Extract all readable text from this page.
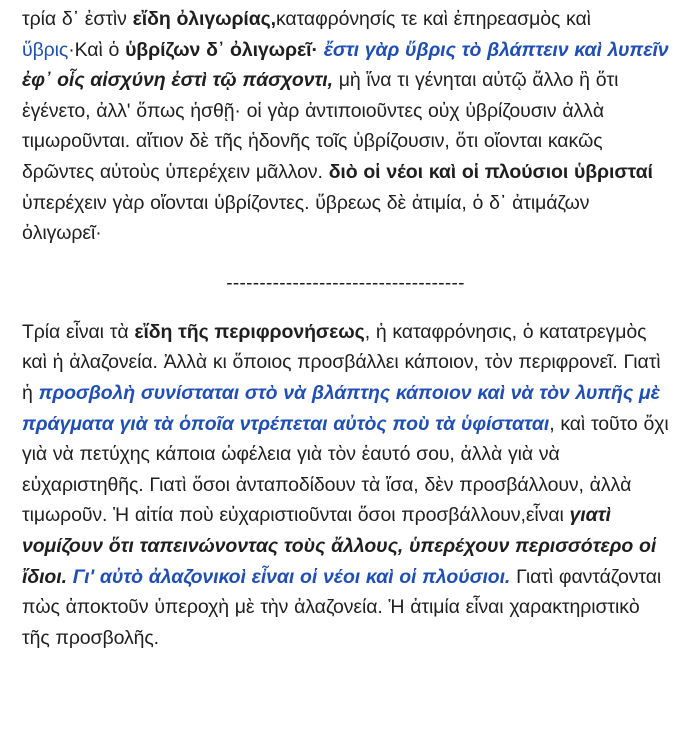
τρία δ᾽ ἐστὶν εἴδη ὀλιγωρίας,καταφρόνησίς τε καὶ ἐπηρεασμὸς καὶ ὕβρις·Καὶ ὁ ὑβρίζων δ᾽ ὀλιγωρεῖ· ἔστι γὰρ ὕβρις τὸ βλάπτειν καὶ λυπεῖν ἐφ᾽ οἷς αἰσχύνη ἐστὶ τῷ πάσχοντι, μὴ ἵνα τι γένηται αὐτῷ ἄλλο ἢ ὅτι ἐγένετο, ἀλλ' ὅπως ἡσθῇ· οἱ γὰρ ἀντιποιοῦντες οὐχ ὑβρίζουσιν ἀλλὰ τιμωροῦνται. αἴτιον δὲ τῆς ἡδονῆς τοῖς ὑβρίζουσιν, ὅτι οἴονται κακῶς δρῶντες αὐτοὺς ὑπερέχειν μᾶλλον. διὸ οἱ νέοι καὶ οἱ πλούσιοι ὑβρισταί ὑπερέχειν γὰρ οἴονται ὑβρίζοντες. ὕβρεως δὲ ἀτιμία, ὁ δ᾽ ἀτιμάζων ὀλιγωρεῖ·

------------------------------------

Τρία εἶναι τὰ εἴδη τῆς περιφρονήσεως, ἡ καταφρόνησις, ὁ κατατρεγμὸς καὶ ἡ ἀλαζονεία. Ἀλλὰ κι ὅποιος προσβάλλει κάποιον, τὸν περιφρονεῖ. Γιατὶ ἡ προσβολὴ συνίσταται στὸ νὰ βλάπτης κάποιον καὶ νὰ τὸν λυπῆς μὲ πράγματα γιὰ τὰ ὁποῖα ντρέπεται αὐτὸς ποὺ τὰ ὑφίσταται, καὶ τοῦτο ὄχι γιὰ νὰ πετύχης κάποια ὠφέλεια γιὰ τὸν ἑαυτό σου, ἀλλὰ γιὰ νὰ εὐχαριστηθῆς. Γιατὶ ὅσοι ἀνταποδίδουν τὰ ἴσα, δὲν προσβάλλουν, ἀλλὰ τιμωροῦν. Ἡ αἰτία ποὺ εὐχαριστιοῦνται ὅσοι προσβάλλουν,εἶναι γιατὶ νομίζουν ὅτι ταπεινώνοντας τοὺς ἄλλους, ὑπερέχουν περισσότερο οἱ ἴδιοι. Γι' αὐτὸ ἀλαζονικοὶ εἶναι οἱ νέοι καὶ οἱ πλούσιοι. Γιατὶ φαντάζονται πὼς ἀποκτοῦν ὑπεροχὴ μὲ τὴν ἀλαζονεία. Ἡ ἀτιμία εἶναι χαρακτηριστικὸ τῆς προσβολῆς.
